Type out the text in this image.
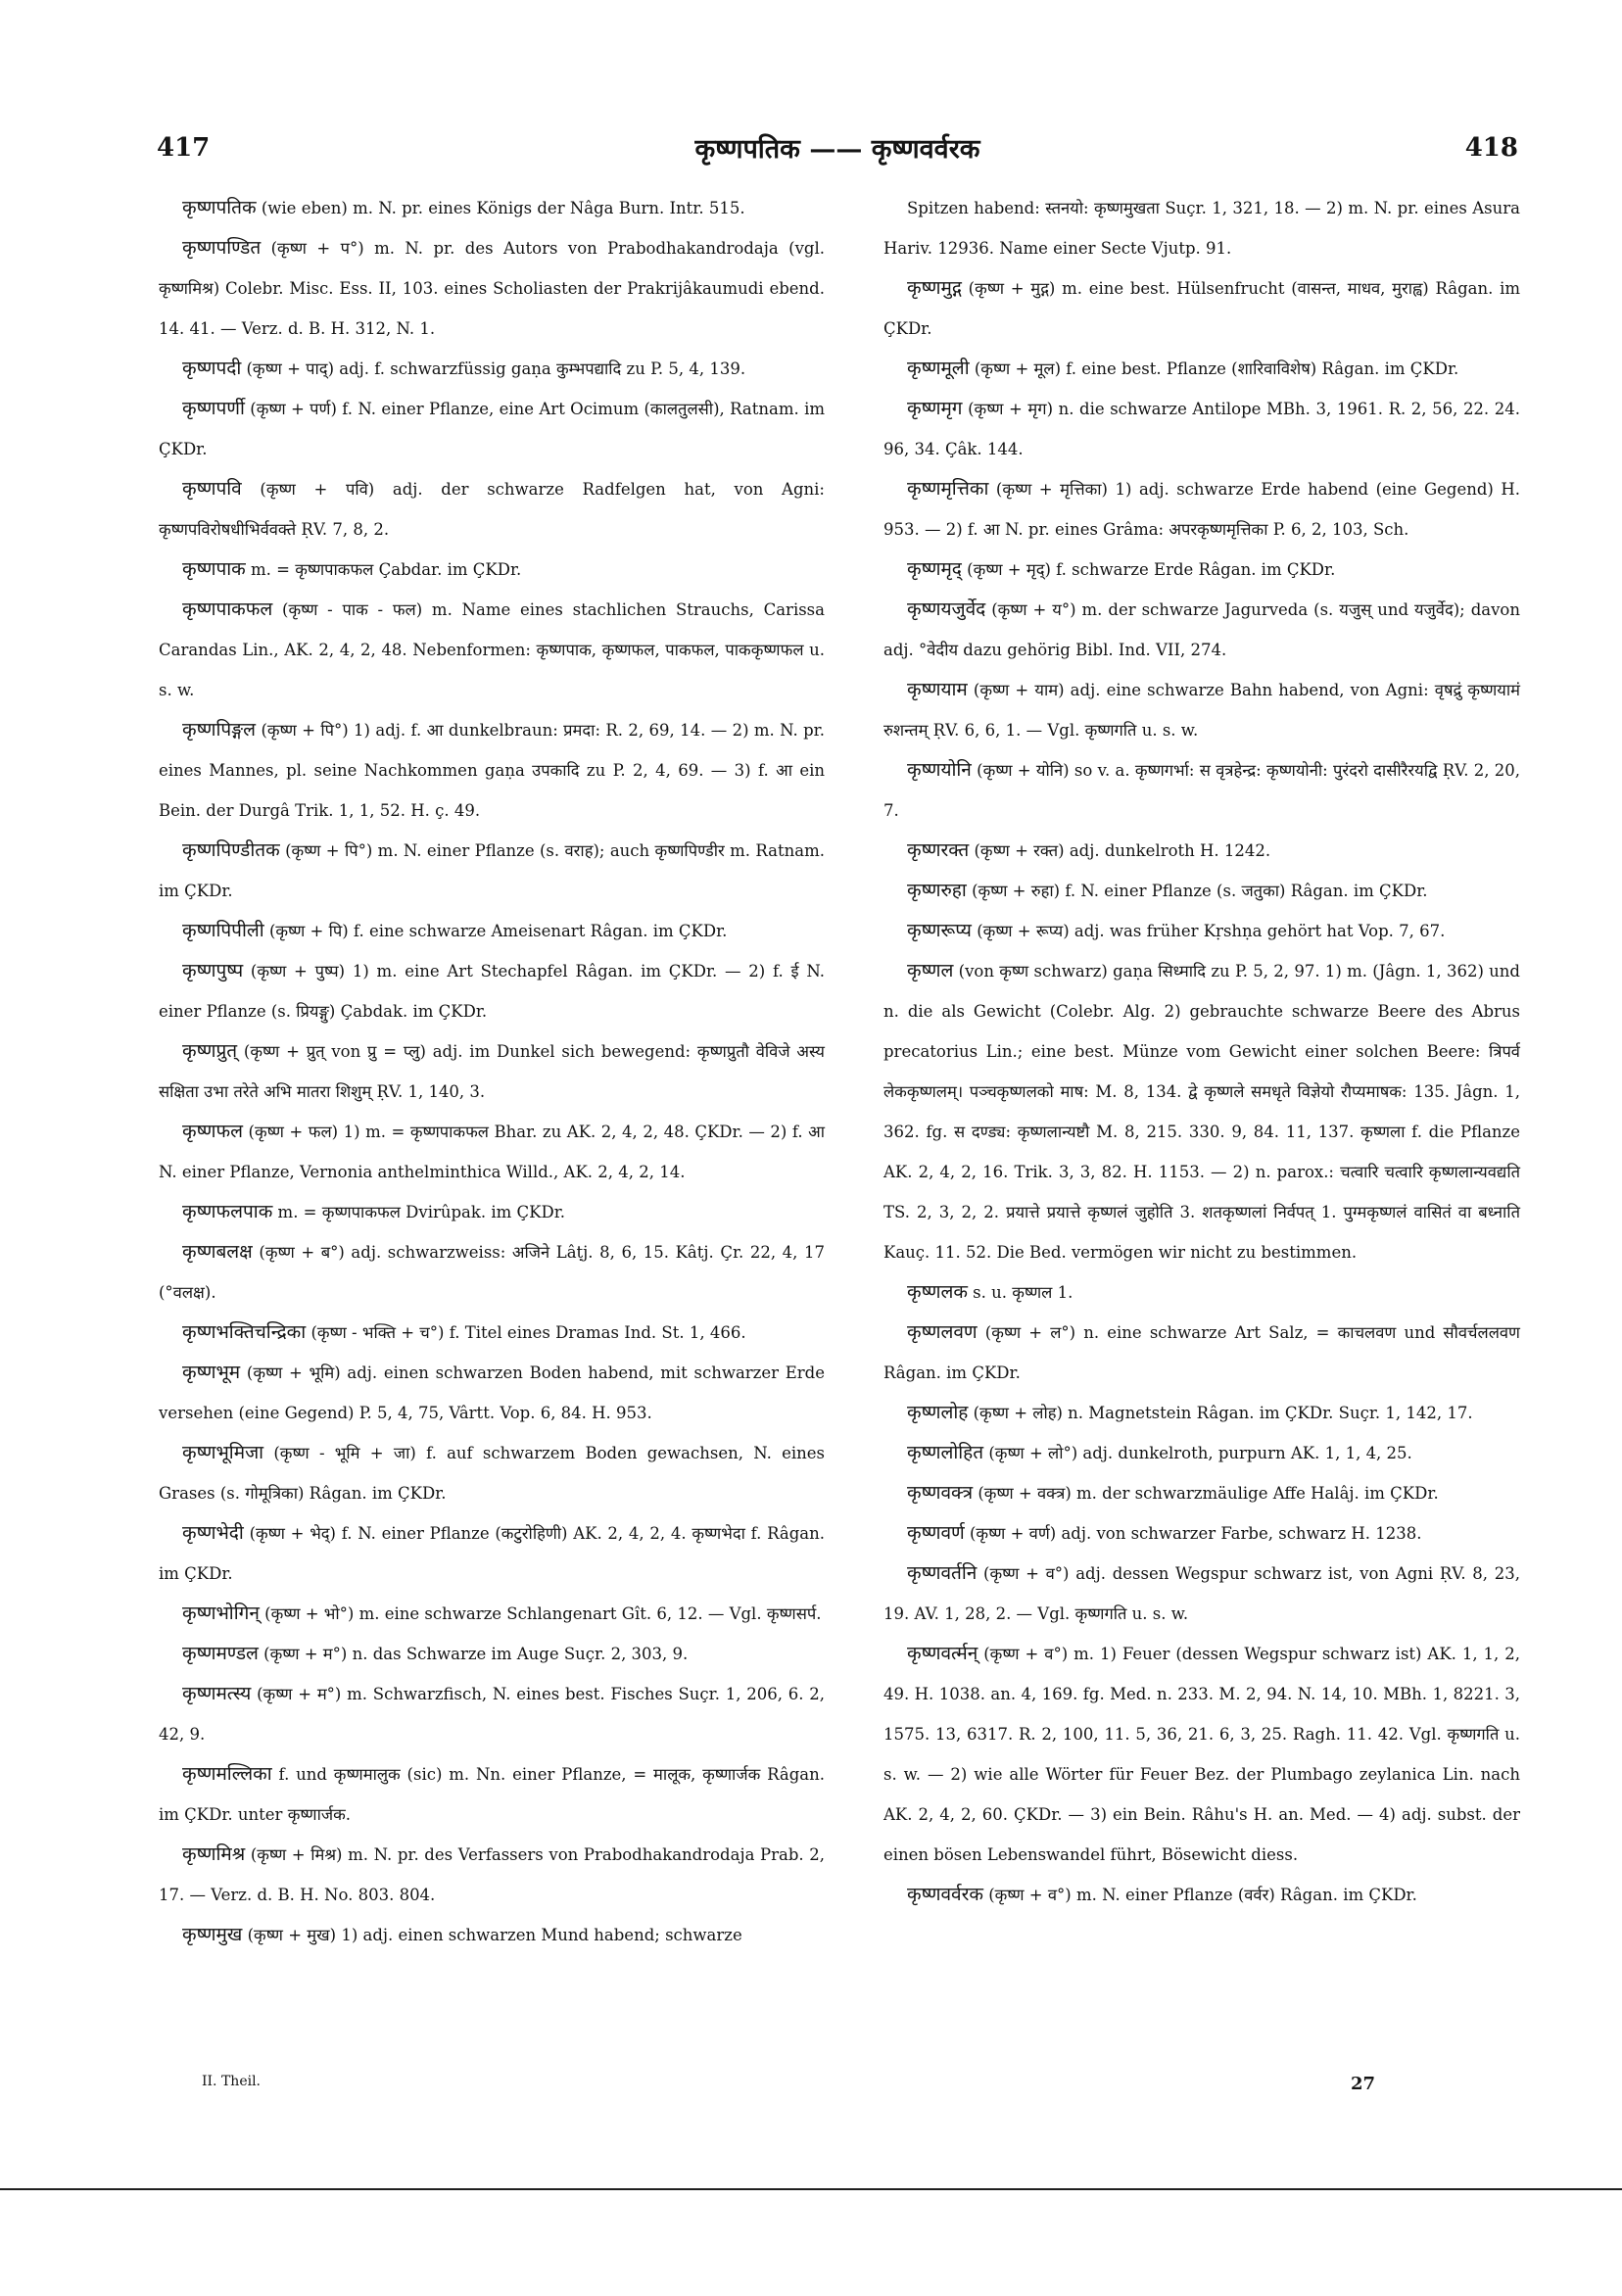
417	कृष्णपतिक —— कृष्णवर्वरक	418

कृष्णपतिक (wie eben) m. N. pr. eines Königs der Nâga Burn. Intr. 515.

कृष्णपण्डित (कृष्ण + प°) m. N. pr. des Autors von Prabodhakandrodaja (vgl. कृष्णमिश्र) Colebr. Misc. Ess. II, 103. eines Scholiasten der Prakrijâkaumudi ebend. 14. 41. — Verz. d. B. H. 312, N. 1.

कृष्णपदी (कृष्ण + पाद्) adj. f. schwarzfüssig gaṇa कुम्भपद्यादि zu P. 5, 4, 139.

कृष्णपर्णी (कृष्ण + पर्ण) f. N. einer Pflanze, eine Art Ocimum (कालतुलसी), Ratnam. im ÇKDr.

कृष्णपवि (कृष्ण + पवि) adj. der schwarze Radfelgen hat, von Agni: कृष्णपविरोषधीभिर्ववक्ते ṚV. 7, 8, 2.

कृष्णपाक m. = कृष्णपाकफल Çabdar. im ÇKDr.

कृष्णपाकफल (कृष्ण - पाक - फल) m. Name eines stachlichen Strauchs, Carissa Carandas Lin., AK. 2, 4, 2, 48. Nebenformen: कृष्णपाक, कृष्णफल, पाकफल, पाककृष्णफल u. s. w.

कृष्णपिङ्गल (कृष्ण + पि°) 1) adj. f. आ dunkelbraun: प्रमदा: R. 2, 69, 14. — 2) m. N. pr. eines Mannes, pl. seine Nachkommen gaṇa उपकादि zu P. 2, 4, 69. — 3) f. आ ein Bein. der Durgâ Trik. 1, 1, 52. H. ç. 49.

कृष्णपिण्डीतक (कृष्ण + पि°) m. N. einer Pflanze (s. वराह); auch कृष्णपिण्डीर m. Ratnam. im ÇKDr.

कृष्णपिपीली (कृष्ण + पि) f. eine schwarze Ameisenart Râgan. im ÇKDr.

कृष्णपुष्प (कृष्ण + पुष्प) 1) m. eine Art Stechapfel Râgan. im ÇKDr. — 2) f. ई N. einer Pflanze (s. प्रियङ्गु) Çabdak. im ÇKDr.

कृष्णप्रुत् (कृष्ण + प्रुत् von प्रु = प्लु) adj. im Dunkel sich bewegend: कृष्णप्रुतौ वेविजे अस्य सक्षिता उभा तरेते अभि मातरा शिशुम् ṚV. 1, 140, 3.

कृष्णफल (कृष्ण + फल) 1) m. = कृष्णपाकफल Bhar. zu AK. 2, 4, 2, 48. ÇKDr. — 2) f. आ N. einer Pflanze, Vernonia anthelminthica Willd., AK. 2, 4, 2, 14.

कृष्णफलपाक m. = कृष्णपाकफल Dvirûpak. im ÇKDr.

कृष्णबलक्ष (कृष्ण + ब°) adj. schwarzweiss: अजिने Lâṭj. 8, 6, 15. Kâtj. Çr. 22, 4, 17 (°वलक्ष).

कृष्णभक्तिचन्द्रिका (कृष्ण - भक्ति + च°) f. Titel eines Dramas Ind. St. 1, 466.

कृष्णभूम (कृष्ण + भूमि) adj. einen schwarzen Boden habend, mit schwarzer Erde versehen (eine Gegend) P. 5, 4, 75, Vârtt. Vop. 6, 84. H. 953.

कृष्णभूमिजा (कृष्ण - भूमि + जा) f. auf schwarzem Boden gewachsen, N. eines Grases (s. गोमूत्रिका) Râgan. im ÇKDr.

कृष्णभेदी (कृष्ण + भेद्) f. N. einer Pflanze (कटुरोहिणी) AK. 2, 4, 2, 4. कृष्णभेदा f. Râgan. im ÇKDr.

कृष्णभोगिन् (कृष्ण + भो°) m. eine schwarze Schlangenart Gît. 6, 12. — Vgl. कृष्णसर्प.

कृष्णमण्डल (कृष्ण + म°) n. das Schwarze im Auge Suçr. 2, 303, 9.

कृष्णमत्स्य (कृष्ण + म°) m. Schwarzfisch, N. eines best. Fisches Suçr. 1, 206, 6. 2, 42, 9.

कृष्णमल्लिका f. und कृष्णमालुक (sic) m. Nn. einer Pflanze, = मालूक, कृष्णार्जक Râgan. im ÇKDr. unter कृष्णार्जक.

कृष्णमिश्र (कृष्ण + मिश्र) m. N. pr. des Verfassers von Prabodhakandrodaja Prab. 2, 17. — Verz. d. B. H. No. 803. 804.

कृष्णमुख (कृष्ण + मुख) 1) adj. einen schwarzen Mund habend; schwarze

Spitzen habend: स्तनयो: कृष्णमुखता Suçr. 1, 321, 18. — 2) m. N. pr. eines Asura Hariv. 12936. Name einer Secte Vjutp. 91.

कृष्णमुद्ग (कृष्ण + मुद्ग) m. eine best. Hülsenfrucht (वासन्त, माधव, मुराह्व) Râgan. im ÇKDr.

कृष्णमूली (कृष्ण + मूल) f. eine best. Pflanze (शारिवाविशेष) Râgan. im ÇKDr.

कृष्णमृग (कृष्ण + मृग) n. die schwarze Antilope MBh. 3, 1961. R. 2, 56, 22. 24. 96, 34. Çâk. 144.

कृष्णमृत्तिका (कृष्ण + मृत्तिका) 1) adj. schwarze Erde habend (eine Gegend) H. 953. — 2) f. आ N. pr. eines Grâma: अपरकृष्णमृत्तिका P. 6, 2, 103, Sch.

कृष्णमृद् (कृष्ण + मृद्) f. schwarze Erde Râgan. im ÇKDr.

कृष्णयजुर्वेद (कृष्ण + य°) m. der schwarze Jagurveda (s. यजुस् und यजुर्वेद); davon adj. °वेदीय dazu gehörig Bibl. Ind. VII, 274.

कृष्णयाम (कृष्ण + याम) adj. eine schwarze Bahn habend, von Agni: वृषद्रुं कृष्णयामं रुशन्तम् ṚV. 6, 6, 1. — Vgl. कृष्णगति u. s. w.

कृष्णयोनि (कृष्ण + योनि) so v. a. कृष्णगर्भा: स वृत्रहेन्द्र: कृष्णयोनी: पुरंदरो दासीरैरयद्वि ṚV. 2, 20, 7.

कृष्णरक्त (कृष्ण + रक्त) adj. dunkelroth H. 1242.

कृष्णरुहा (कृष्ण + रुहा) f. N. einer Pflanze (s. जतुका) Râgan. im ÇKDr.

कृष्णरूप्य (कृष्ण + रूप्य) adj. was früher Kṛshṇa gehört hat Vop. 7, 67.

कृष्णल (von कृष्ण schwarz) gaṇa सिध्मादि zu P. 5, 2, 97. 1) m. (Jâgn. 1, 362) und n. die als Gewicht (Colebr. Alg. 2) gebrauchte schwarze Beere des Abrus precatorius Lin.; eine best. Münze vom Gewicht einer solchen Beere: त्रिपर्व लेककृष्णलम्। पञ्चकृष्णलको माष: M. 8, 134. द्वे कृष्णले समधृते विज्ञेयो रौप्यमाषक: 135. Jâgn. 1, 362. fg. स दण्ड्य: कृष्णलान्यष्टौ M. 8, 215. 330. 9, 84. 11, 137. कृष्णला f. die Pflanze AK. 2, 4, 2, 16. Trik. 3, 3, 82. H. 1153. — 2) n. parox.: चत्वारि चत्वारि कृष्णलान्यवद्यति TS. 2, 3, 2, 2. प्रयात्ते प्रयात्ते कृष्णलं जुहोति 3. शतकृष्णलां निर्वपत् 1. पुग्मकृष्णलं वासितं वा बध्नाति Kauç. 11. 52. Die Bed. vermögen wir nicht zu bestimmen.

कृष्णलक s. u. कृष्णल 1.

कृष्णलवण (कृष्ण + ल°) n. eine schwarze Art Salz, = काचलवण und सौवर्चललवण Râgan. im ÇKDr.

कृष्णलोह (कृष्ण + लोह) n. Magnetstein Râgan. im ÇKDr. Suçr. 1, 142, 17.

कृष्णलोहित (कृष्ण + लो°) adj. dunkelroth, purpurn AK. 1, 1, 4, 25.

कृष्णवक्त्र (कृष्ण + वक्त्र) m. der schwarzmäulige Affe Halâj. im ÇKDr.

कृष्णवर्ण (कृष्ण + वर्ण) adj. von schwarzer Farbe, schwarz H. 1238.

कृष्णवर्तनि (कृष्ण + व°) adj. dessen Wegspur schwarz ist, von Agni ṚV. 8, 23, 19. AV. 1, 28, 2. — Vgl. कृष्णगति u. s. w.

कृष्णवर्त्मन् (कृष्ण + व°) m. 1) Feuer (dessen Wegspur schwarz ist) AK. 1, 1, 2, 49. H. 1038. an. 4, 169. fg. Med. n. 233. M. 2, 94. N. 14, 10. MBh. 1, 8221. 3, 1575. 13, 6317. R. 2, 100, 11. 5, 36, 21. 6, 3, 25. Ragh. 11. 42. Vgl. कृष्णगति u. s. w. — 2) wie alle Wörter für Feuer Bez. der Plumbago zeylanica Lin. nach AK. 2, 4, 2, 60. ÇKDr. — 3) ein Bein. Râhu's H. an. Med. — 4) adj. subst. der einen bösen Lebenswandel führt, Bösewicht diess.

कृष्णवर्वरक (कृष्ण + व°) m. N. einer Pflanze (वर्वर) Râgan. im ÇKDr.

II. Theil.	27
